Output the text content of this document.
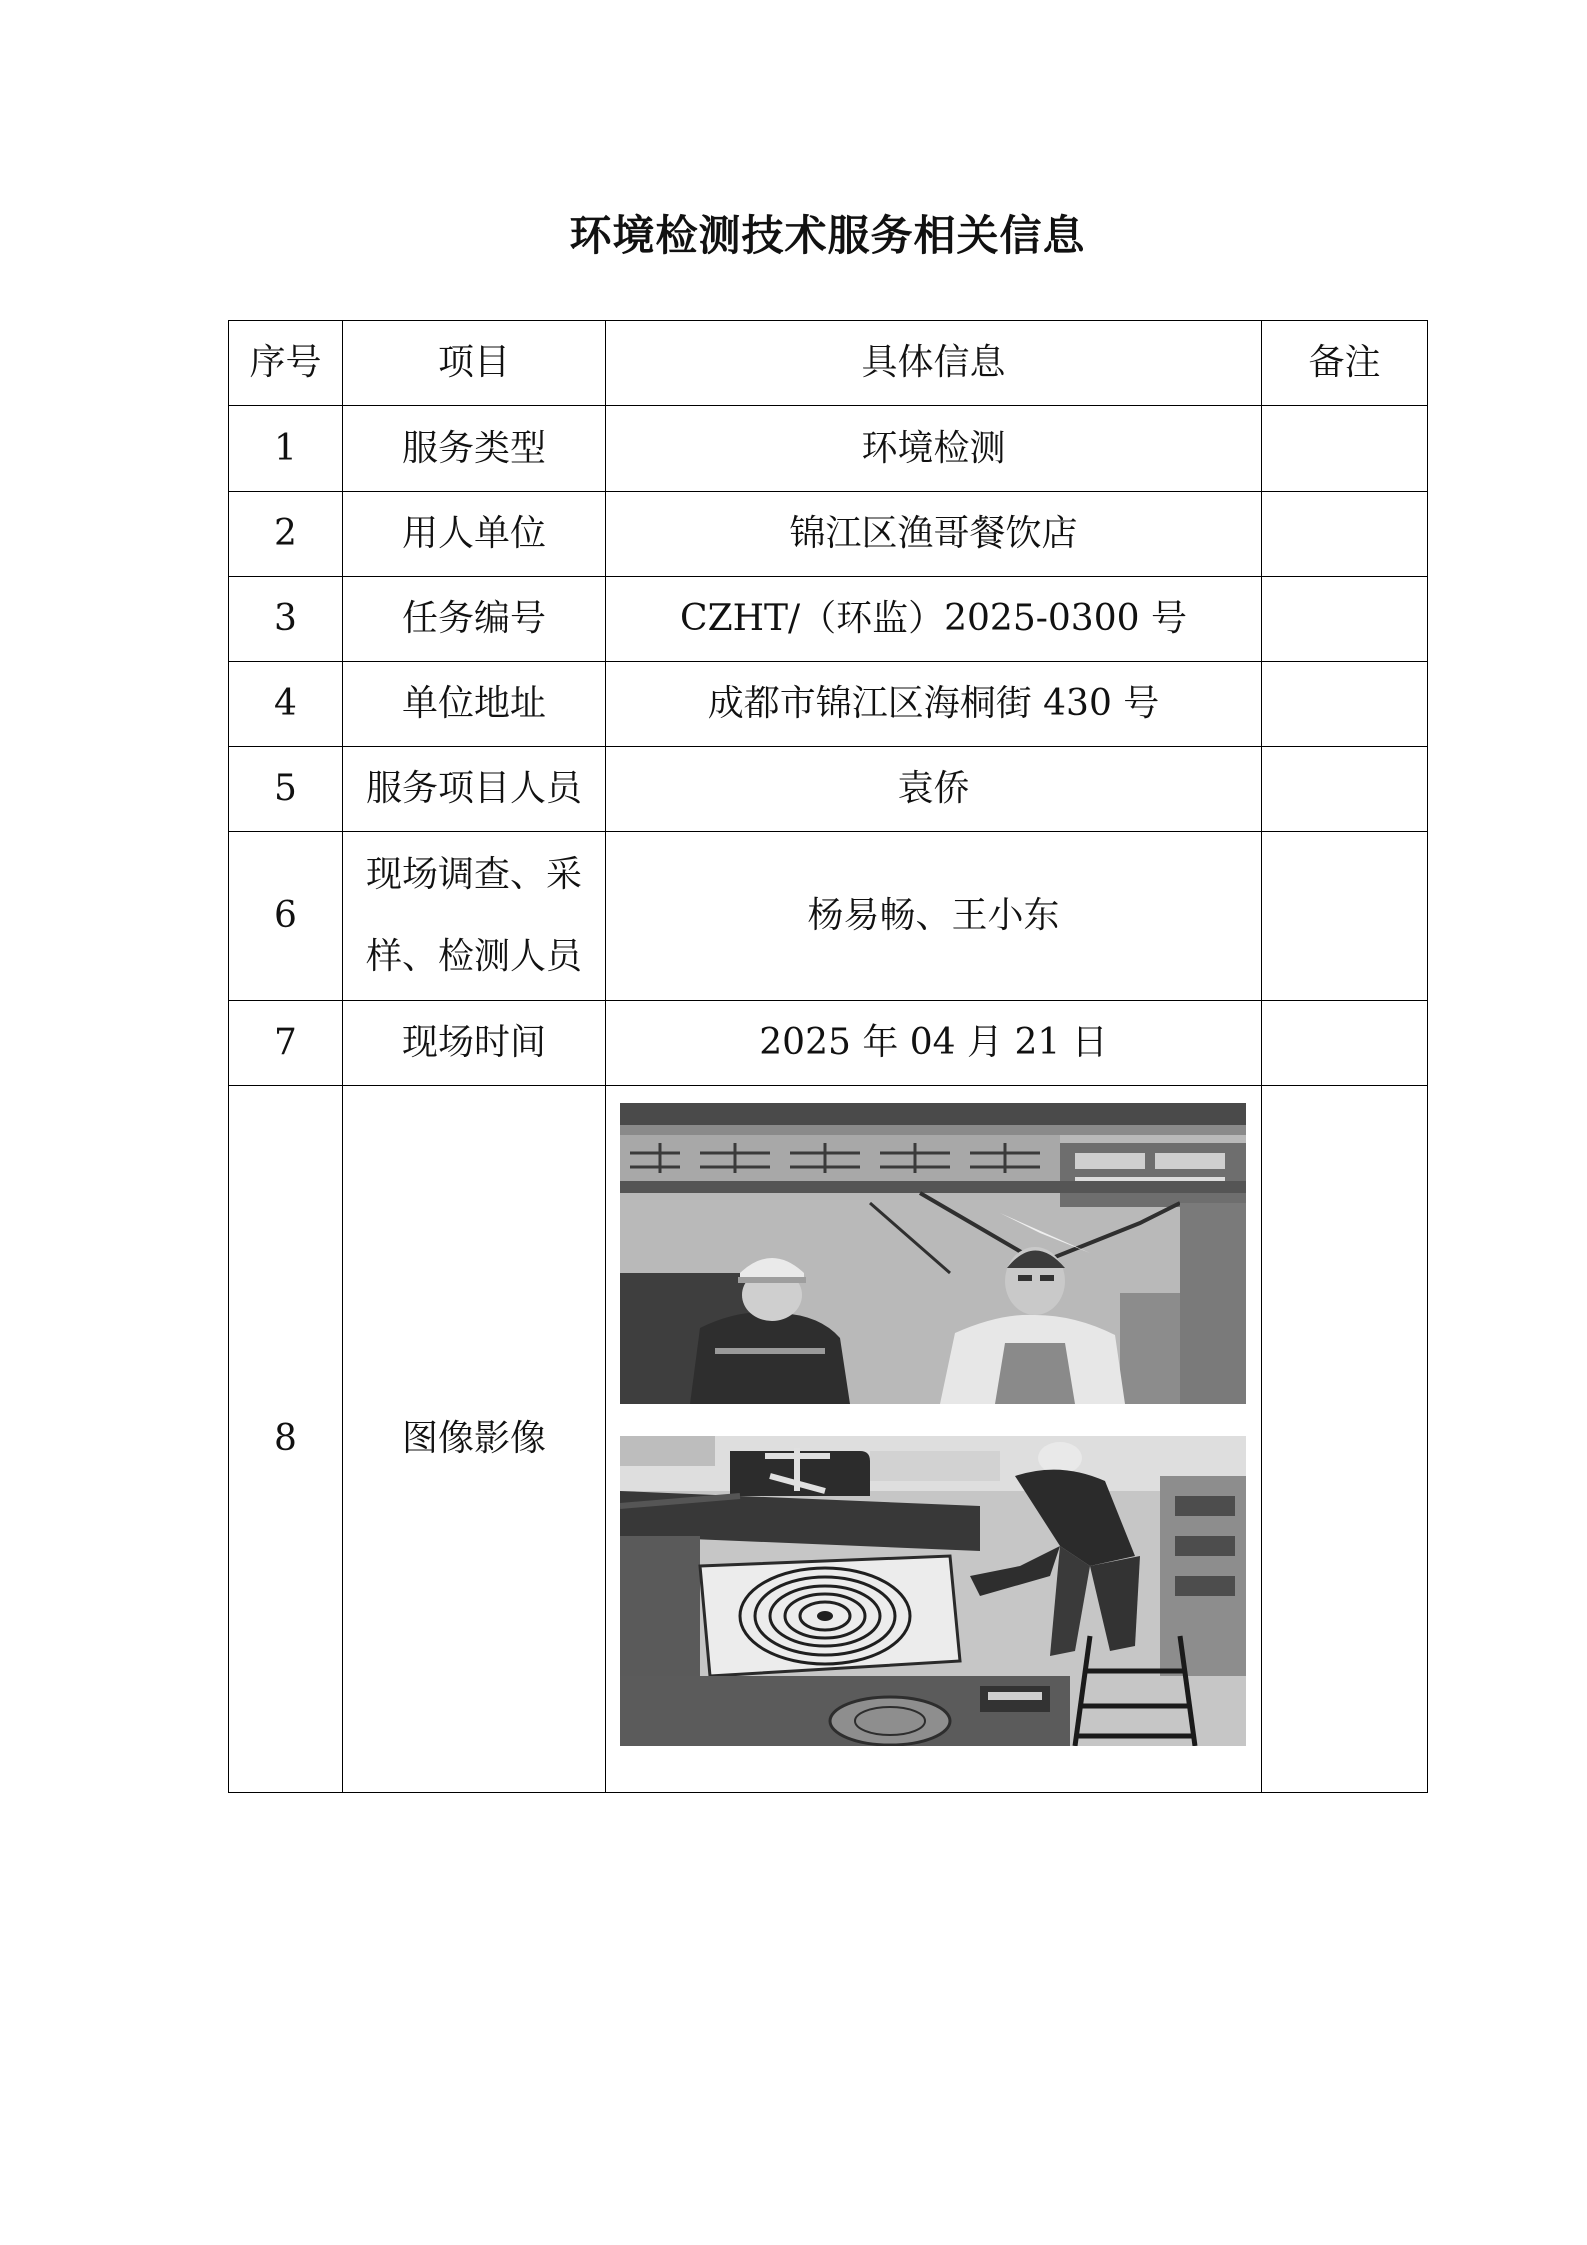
环境检测技术服务相关信息
序号	项目	具体信息	备注
1	服务类型	环境检测	
2	用人单位	锦江区渔哥餐饮店	
3	任务编号	CZHT/（环监）2025-0300 号	
4	单位地址	成都市锦江区海桐街 430 号	
5	服务项目人员	袁侨	
6	现场调查、采样、检测人员	杨易畅、王小东	
7	现场时间	2025 年 04 月 21 日	
8	图像影像	
